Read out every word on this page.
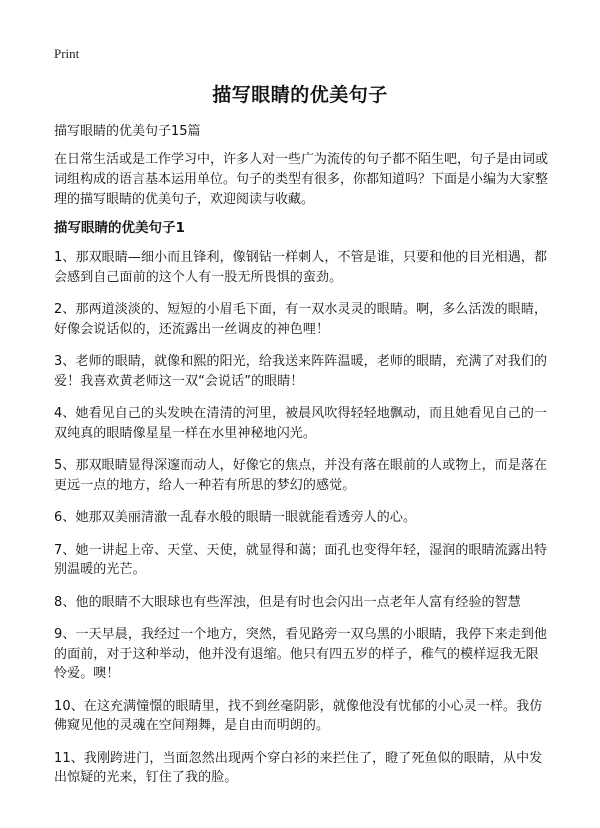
Print
描写眼睛的优美句子

描写眼睛的优美句子15篇

在日常生活或是工作学习中，许多人对一些广为流传的句子都不陌生吧，句子是由词或词组构成的语言基本运用单位。句子的类型有很多，你都知道吗？下面是小编为大家整理的描写眼睛的优美句子，欢迎阅读与收藏。

描写眼睛的优美句子1
1、那双眼睛—细小而且锋利，像钢钻一样刺人，不管是谁，只要和他的目光相遇，都会感到自己面前的这个人有一股无所畏惧的蛮劲。
2、那两道淡淡的、短短的小眉毛下面，有一双水灵灵的眼睛。啊，多么活泼的眼睛，好像会说话似的，还流露出一丝调皮的神色哩！
3、老师的眼睛，就像和熙的阳光，给我送来阵阵温暖，老师的眼睛，充满了对我们的爱！我喜欢黄老师这一双“会说话”的眼睛！
4、她看见自己的头发映在清清的河里，被晨风吹得轻轻地飘动，而且她看见自己的一双纯真的眼睛像星星一样在水里神秘地闪光。
5、那双眼睛显得深邃而动人，好像它的焦点，并没有落在眼前的人或物上，而是落在更远一点的地方，给人一种若有所思的梦幻的感觉。
6、她那双美丽清澈一乱春水般的眼睛一眼就能看透旁人的心。
7、她一讲起上帝、天堂、天使，就显得和蔼；面孔也变得年轻，湿润的眼睛流露出特别温暖的光芒。
8、他的眼睛不大眼球也有些浑浊，但是有时也会闪出一点老年人富有经验的智慧
9、一天早晨，我经过一个地方，突然，看见路旁一双乌黑的小眼睛，我停下来走到他的面前，对于这种举动，他并没有退缩。他只有四五岁的样子，稚气的模样逗我无限怜爱。噢！
10、在这充满憧憬的眼睛里，找不到丝毫阴影，就像他没有忧郁的小心灵一样。我仿佛窥见他的灵魂在空间翔舞，是自由而明朗的。
11、我刚跨进门，当面忽然出现两个穿白衫的来拦住了，瞪了死鱼似的眼睛，从中发出惊疑的光来，钉住了我的脸。
